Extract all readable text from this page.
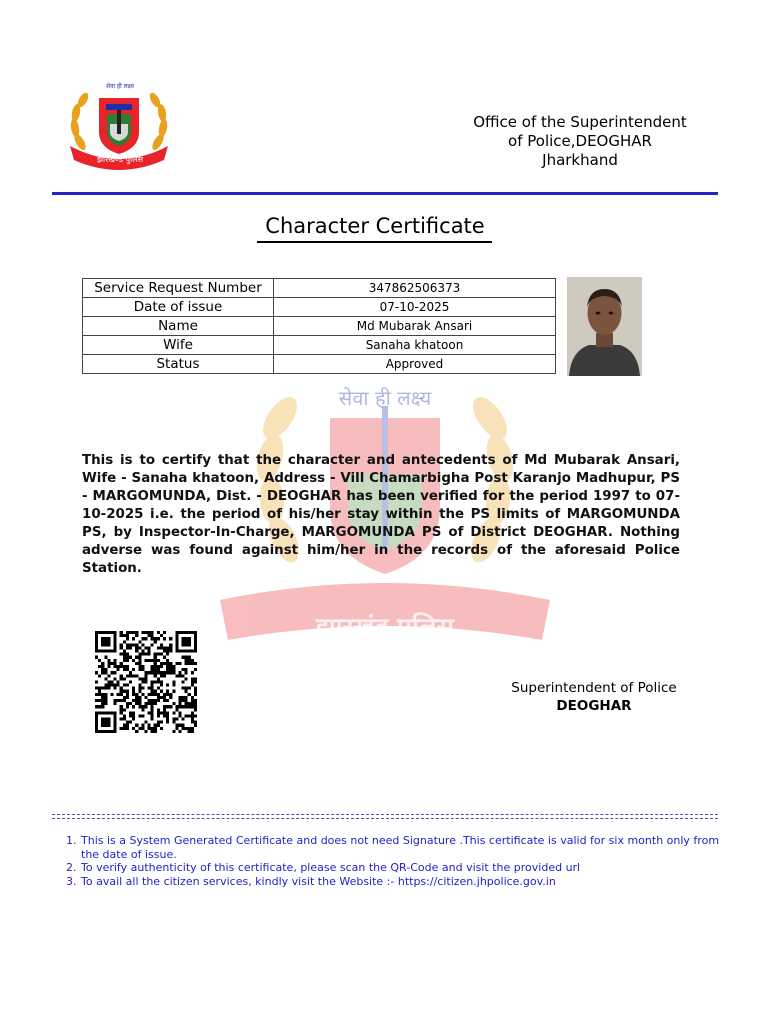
सेवा ही लक्ष्य
झारखण्ड पुलिस
Office of the Superintendent
of Police,DEOGHAR
Jharkhand
Character Certificate
Service Request Number	347862506373
Date of issue	07-10-2025
Name	Md Mubarak Ansari
Wife	Sanaha khatoon
Status	Approved
सेवा ही लक्ष्य
झारखंड पुलिस
This is to certify that the character and antecedents of Md Mubarak Ansari, Wife - Sanaha khatoon, Address - Vill Chamarbigha Post Karanjo Madhupur, PS - MARGOMUNDA, Dist. - DEOGHAR has been verified for the period 1997 to 07-10-2025 i.e. the period of his/her stay within the PS limits of MARGOMUNDA PS, by Inspector-In-Charge, MARGOMUNDA PS of District DEOGHAR. Nothing adverse was found against him/her in the records of the aforesaid Police Station.
Superintendent of Police
DEOGHAR
1. This is a System Generated Certificate and does not need Signature .This certificate is valid for six month only from the date of issue.
2. To verify authenticity of this certificate, please scan the QR-Code and visit the provided url
3. To avail all the citizen services, kindly visit the Website :- https://citizen.jhpolice.gov.in
